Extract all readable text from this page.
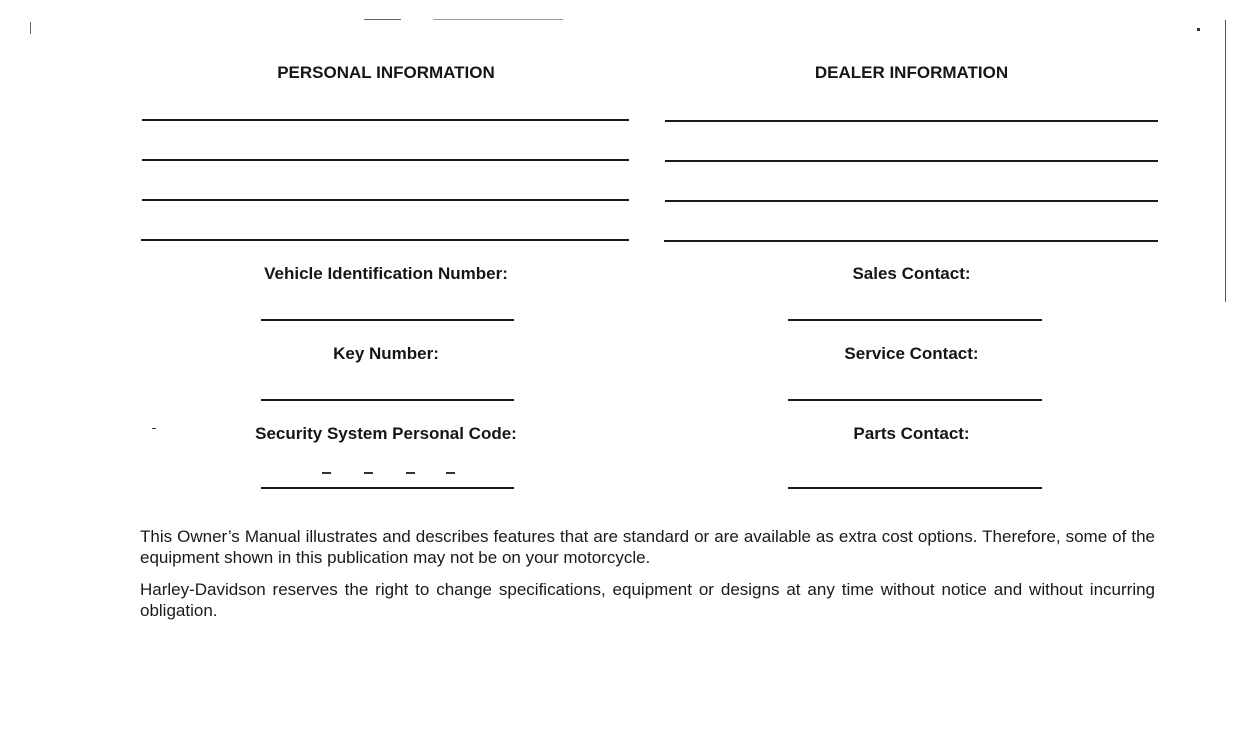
PERSONAL INFORMATION	DEALER INFORMATION
Vehicle Identification Number:
Key Number:
Security System Personal Code:
Sales Contact:
Service Contact:
Parts Contact:
This Owner’s Manual illustrates and describes features that are standard or are available as extra cost options. Therefore, some of the equipment shown in this publication may not be on your motorcycle.
Harley-Davidson reserves the right to change specifications, equipment or designs at any time without notice and without incurring obligation.
